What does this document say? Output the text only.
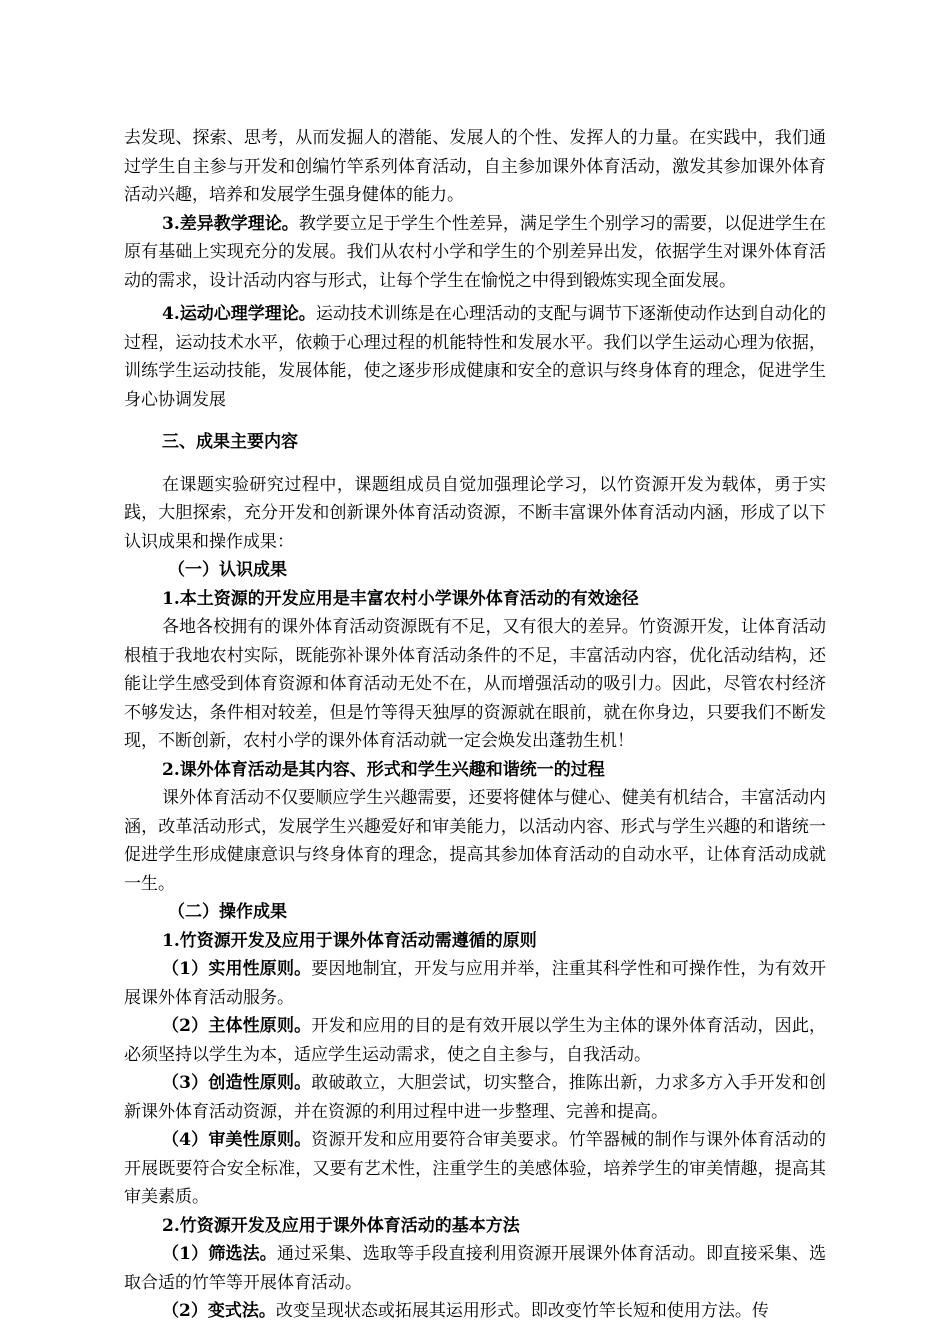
去发现、探索、思考，从而发掘人的潜能、发展人的个性、发挥人的力量。在实践中，我们通过学生自主参与开发和创编竹竿系列体育活动，自主参加课外体育活动，激发其参加课外体育活动兴趣，培养和发展学生强身健体的能力。

3.差异教学理论。教学要立足于学生个性差异，满足学生个别学习的需要，以促进学生在原有基础上实现充分的发展。我们从农村小学和学生的个别差异出发，依据学生对课外体育活动的需求，设计活动内容与形式，让每个学生在愉悦之中得到锻炼实现全面发展。

4.运动心理学理论。运动技术训练是在心理活动的支配与调节下逐渐使动作达到自动化的过程，运动技术水平，依赖于心理过程的机能特性和发展水平。我们以学生运动心理为依据，训练学生运动技能，发展体能，使之逐步形成健康和安全的意识与终身体育的理念，促进学生身心协调发展

三、成果主要内容

在课题实验研究过程中，课题组成员自觉加强理论学习，以竹资源开发为载体，勇于实践，大胆探索，充分开发和创新课外体育活动资源，不断丰富课外体育活动内涵，形成了以下认识成果和操作成果：

（一）认识成果

1.本土资源的开发应用是丰富农村小学课外体育活动的有效途径

各地各校拥有的课外体育活动资源既有不足，又有很大的差异。竹资源开发，让体育活动根植于我地农村实际，既能弥补课外体育活动条件的不足，丰富活动内容，优化活动结构，还能让学生感受到体育资源和体育活动无处不在，从而增强活动的吸引力。因此，尽管农村经济不够发达，条件相对较差，但是竹等得天独厚的资源就在眼前，就在你身边，只要我们不断发现，不断创新，农村小学的课外体育活动就一定会焕发出蓬勃生机！

2.课外体育活动是其内容、形式和学生兴趣和谐统一的过程

课外体育活动不仅要顺应学生兴趣需要，还要将健体与健心、健美有机结合，丰富活动内涵，改革活动形式，发展学生兴趣爱好和审美能力，以活动内容、形式与学生兴趣的和谐统一促进学生形成健康意识与终身体育的理念，提高其参加体育活动的自动水平，让体育活动成就一生。

（二）操作成果

1.竹资源开发及应用于课外体育活动需遵循的原则

（1）实用性原则。要因地制宜，开发与应用并举，注重其科学性和可操作性，为有效开展课外体育活动服务。

（2）主体性原则。开发和应用的目的是有效开展以学生为主体的课外体育活动，因此，必须坚持以学生为本，适应学生运动需求，使之自主参与，自我活动。

（3）创造性原则。敢破敢立，大胆尝试，切实整合，推陈出新，力求多方入手开发和创新课外体育活动资源，并在资源的利用过程中进一步整理、完善和提高。

（4）审美性原则。资源开发和应用要符合审美要求。竹竿器械的制作与课外体育活动的开展既要符合安全标准，又要有艺术性，注重学生的美感体验，培养学生的审美情趣，提高其审美素质。

2.竹资源开发及应用于课外体育活动的基本方法

（1）筛选法。通过采集、选取等手段直接利用资源开展课外体育活动。即直接采集、选取合适的竹竿等开展体育活动。

（2）变式法。改变呈现状态或拓展其运用形式。即改变竹竿长短和使用方法。传
